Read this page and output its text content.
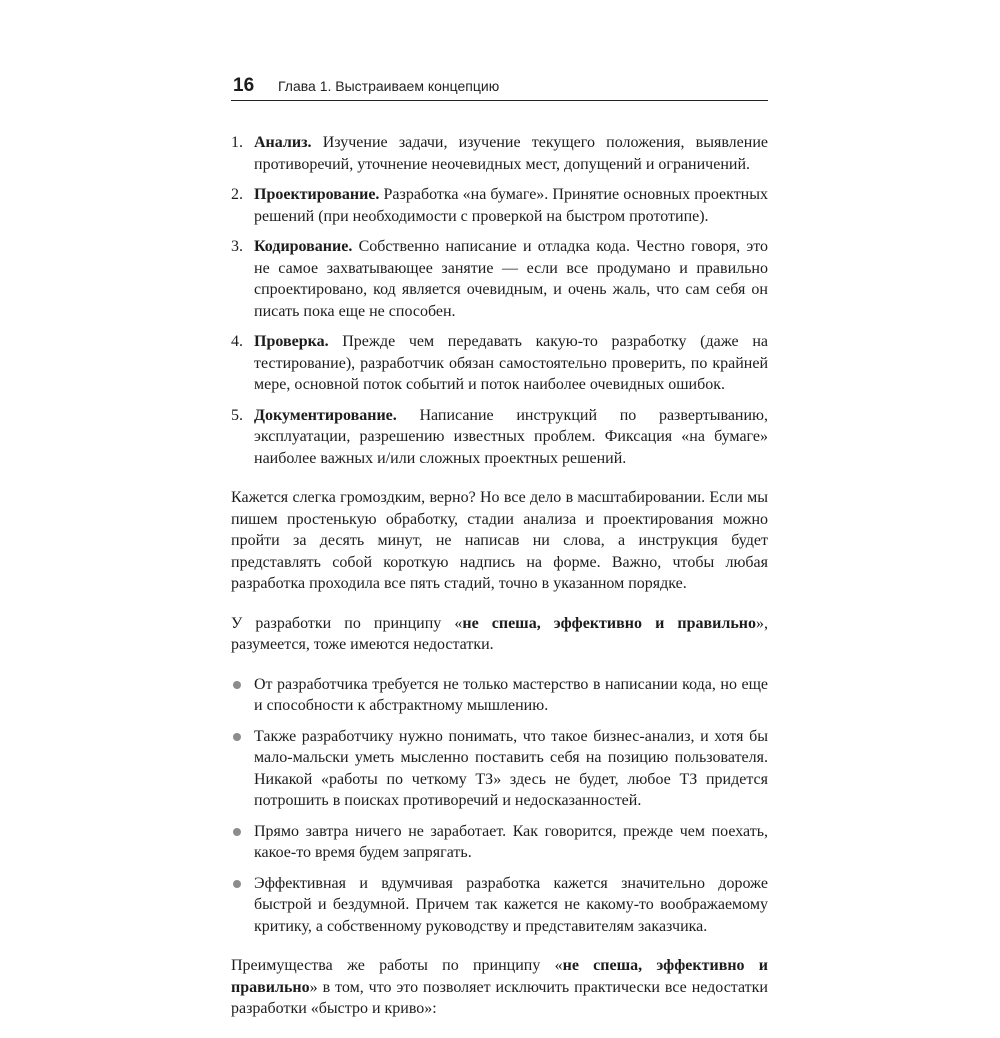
16 Глава 1. Выстраиваем концепцию
1. Анализ. Изучение задачи, изучение текущего положения, выявление противоречий, уточнение неочевидных мест, допущений и ограничений.
2. Проектирование. Разработка «на бумаге». Принятие основных проектных решений (при необходимости с проверкой на быстром прототипе).
3. Кодирование. Собственно написание и отладка кода. Честно говоря, это не самое захватывающее занятие — если все продумано и правильно спроектировано, код является очевидным, и очень жаль, что сам себя он писать пока еще не способен.
4. Проверка. Прежде чем передавать какую-то разработку (даже на тестирование), разработчик обязан самостоятельно проверить, по крайней мере, основной поток событий и поток наиболее очевидных ошибок.
5. Документирование. Написание инструкций по развертыванию, эксплуатации, разрешению известных проблем. Фиксация «на бумаге» наиболее важных и/или сложных проектных решений.

Кажется слегка громоздким, верно? Но все дело в масштабировании. Если мы пишем простенькую обработку, стадии анализа и проектирования можно пройти за десять минут, не написав ни слова, а инструкция будет представлять собой короткую надпись на форме. Важно, чтобы любая разработка проходила все пять стадий, точно в указанном порядке.

У разработки по принципу «не спеша, эффективно и правильно», разумеется, тоже имеются недостатки.

От разработчика требуется не только мастерство в написании кода, но еще и способности к абстрактному мышлению.
Также разработчику нужно понимать, что такое бизнес-анализ, и хотя бы мало-мальски уметь мысленно поставить себя на позицию пользователя. Никакой «работы по четкому ТЗ» здесь не будет, любое ТЗ придется потрошить в поисках противоречий и недосказанностей.
Прямо завтра ничего не заработает. Как говорится, прежде чем поехать, какое-то время будем запрягать.
Эффективная и вдумчивая разработка кажется значительно дороже быстрой и бездумной. Причем так кажется не какому-то воображаемому критику, а собственному руководству и представителям заказчика.

Преимущества же работы по принципу «не спеша, эффективно и правильно» в том, что это позволяет исключить практически все недостатки разработки «быстро и криво»:
